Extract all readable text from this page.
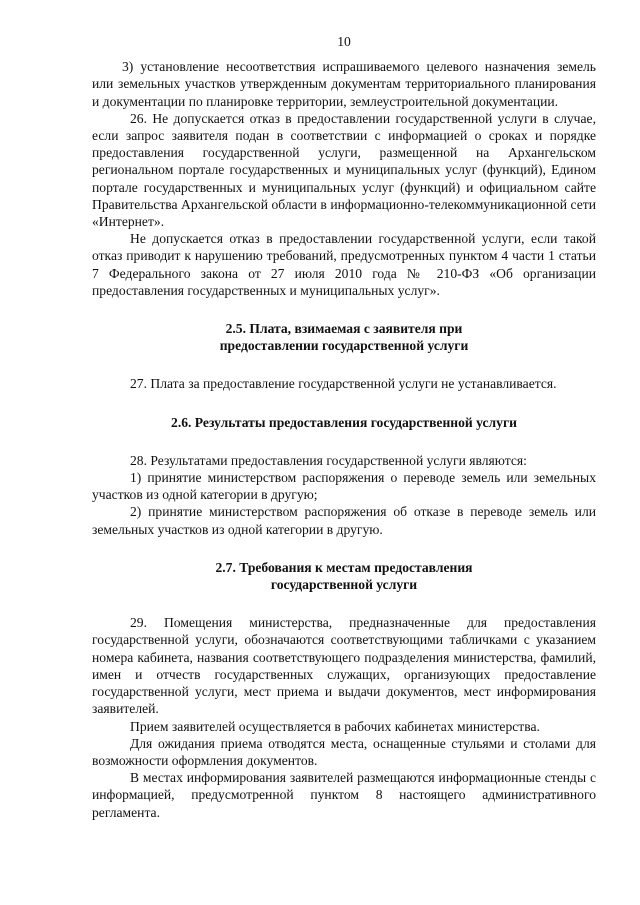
10

3) установление несоответствия испрашиваемого целевого назначения земель или земельных участков утвержденным документам территориального планирования и документации по планировке территории, землеустроительной документации.

26. Не допускается отказ в предоставлении государственной услуги в случае, если запрос заявителя подан в соответствии с информацией о сроках и порядке предоставления государственной услуги, размещенной на Архангельском региональном портале государственных и муниципальных услуг (функций), Едином портале государственных и муниципальных услуг (функций) и официальном сайте Правительства Архангельской области в информационно-телекоммуникационной сети «Интернет».

Не допускается отказ в предоставлении государственной услуги, если такой отказ приводит к нарушению требований, предусмотренных пунктом 4 части 1 статьи 7 Федерального закона от 27 июля 2010 года № 210-ФЗ «Об организации предоставления государственных и муниципальных услуг».

2.5. Плата, взимаемая с заявителя при
предоставлении государственной услуги

27. Плата за предоставление государственной услуги не устанавливается.

2.6. Результаты предоставления государственной услуги

28. Результатами предоставления государственной услуги являются:

1) принятие министерством распоряжения о переводе земель или земельных участков из одной категории в другую;

2) принятие министерством распоряжения об отказе в переводе земель или земельных участков из одной категории в другую.

2.7. Требования к местам предоставления
государственной услуги

29. Помещения министерства, предназначенные для предоставления государственной услуги, обозначаются соответствующими табличками с указанием номера кабинета, названия соответствующего подразделения министерства, фамилий, имен и отчеств государственных служащих, организующих предоставление государственной услуги, мест приема и выдачи документов, мест информирования заявителей.

Прием заявителей осуществляется в рабочих кабинетах министерства.

Для ожидания приема отводятся места, оснащенные стульями и столами для возможности оформления документов.

В местах информирования заявителей размещаются информационные стенды с информацией, предусмотренной пунктом 8 настоящего административного регламента.
